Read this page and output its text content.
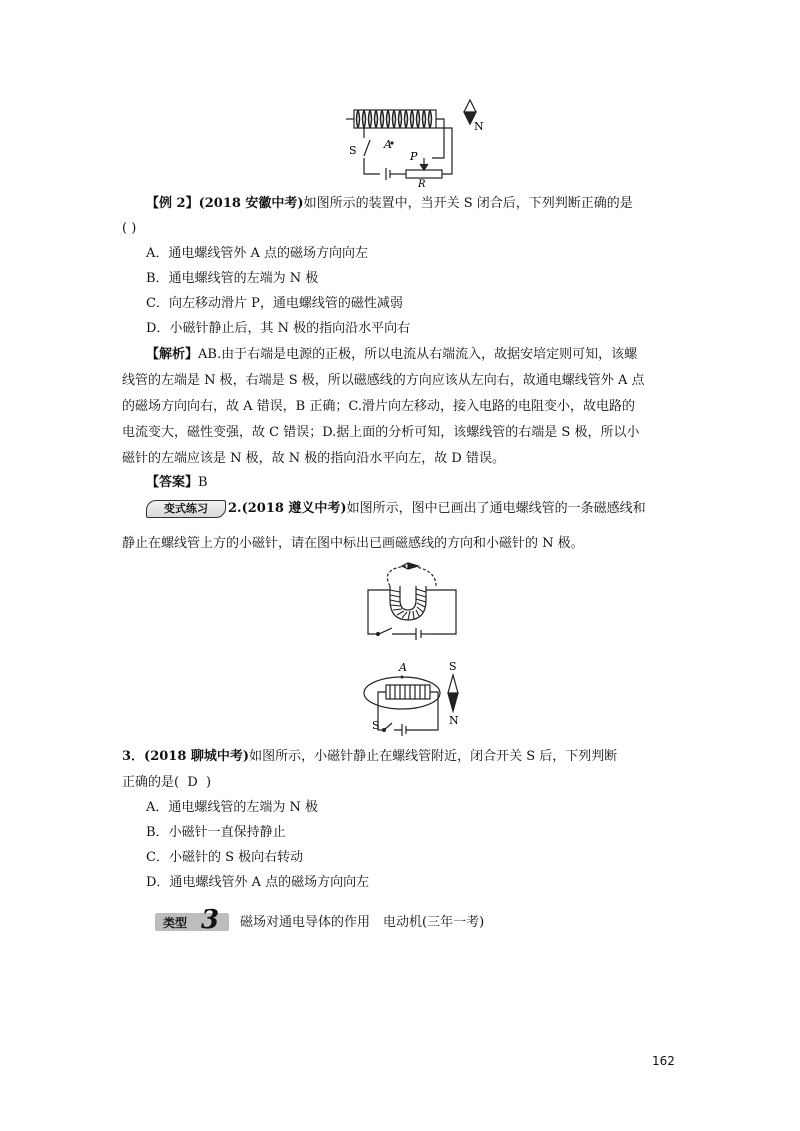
N
S A
P
R
【例 2】(2018 安徽中考)如图所示的装置中，当开关 S 闭合后，下列判断正确的是
( )
A．通电螺线管外 A 点的磁场方向向左
B．通电螺线管的左端为 N 极
C．向左移动滑片 P，通电螺线管的磁性减弱
D．小磁针静止后，其 N 极的指向沿水平向右
【解析】AB.由于右端是电源的正极，所以电流从右端流入，故据安培定则可知，该螺
线管的左端是 N 极，右端是 S 极，所以磁感线的方向应该从左向右，故通电螺线管外 A 点
的磁场方向向右，故 A 错误，B 正确；C.滑片向左移动，接入电路的电阻变小，故电路的
电流变大，磁性变强，故 C 错误；D.据上面的分析可知，该螺线管的右端是 S 极，所以小
磁针的左端应该是 N 极，故 N 极的指向沿水平向左，故 D 错误。
【答案】B
变式练习	2.(2018 遵义中考)如图所示，图中已画出了通电螺线管的一条磁感线和
静止在螺线管上方的小磁针，请在图中标出已画磁感线的方向和小磁针的 N 极。
A	S
N
S
3．(2018 聊城中考)如图所示，小磁针静止在螺线管附近，闭合开关 S 后，下列判断
正确的是( D )
A．通电螺线管的左端为 N 极
B．小磁针一直保持静止
C．小磁针的 S 极向右转动
D．通电螺线管外 A 点的磁场方向向左
类型 3 磁场对通电导体的作用　电动机(三年一考)
162
